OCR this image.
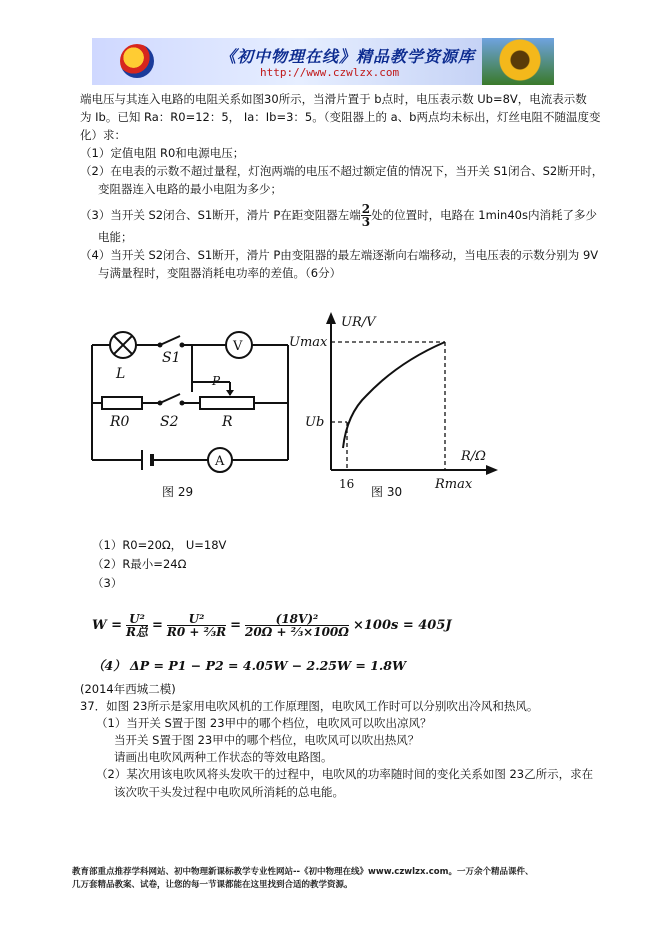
《初中物理在线》精品教学资源库
http://www.czwlzx.com
端电压与其连入电路的电阻关系如图30所示，当滑片置于 b点时，电压表示数 Ub=8V，电流表示数
为 Ib。已知 Ra：R0=12：5， Ia：Ib=3：5。（变阻器上的 a、b两点均未标出，灯丝电阻不随温度变
化）求：
（1）定值电阻 R0和电源电压；
（2）在电表的示数不超过量程，灯泡两端的电压不超过额定值的情况下，当开关 S1闭合、S2断开时，
变阻器连入电路的最小电阻为多少；
（3）当开关 S2闭合、S1断开，滑片 P在距变阻器左端 $\frac{2}{3}$ 处的位置时，电路在 1min40s内消耗了多少
电能；
（4）当开关 S2闭合、S1断开，滑片 P由变阻器的最左端逐渐向右端移动，当电压表的示数分别为 9V
与满量程时，变阻器消耗电功率的差值。（6分）
L
S1
V
P
R0 S2	R
A
图 29
UR/V
Umax
Ub
R/Ω
Rmax
16
图 30
（1）R0=20Ω， U=18V
（2）R最小=24Ω
（3）
$W = \frac{\text{U²}}{\text{R总}} = \frac{\text{U²}}{\text{R0 + ⅔R}} = \frac{\text{(18V)²}}{\text{20Ω + ⅔×100Ω}} \times 100s = 405J$
（4） ΔP = P1 − P2 = 4.05W − 2.25W = 1.8W
(2014年西城二模)
37．如图 23所示是家用电吹风机的工作原理图，电吹风工作时可以分别吹出冷风和热风。
（1）当开关 S置于图 23甲中的哪个档位，电吹风可以吹出凉风？
当开关 S置于图 23甲中的哪个档位，电吹风可以吹出热风？
请画出电吹风两种工作状态的等效电路图。
（2）某次用该电吹风将头发吹干的过程中，电吹风的功率随时间的变化关系如图 23乙所示，求在
该次吹干头发过程中电吹风所消耗的总电能。
教育部重点推荐学科网站、初中物理新课标教学专业性网站--《初中物理在线》www.czwlzx.com。一万余个精品课件、
几万套精品教案、试卷，让您的每一节课都能在这里找到合适的教学资源。
